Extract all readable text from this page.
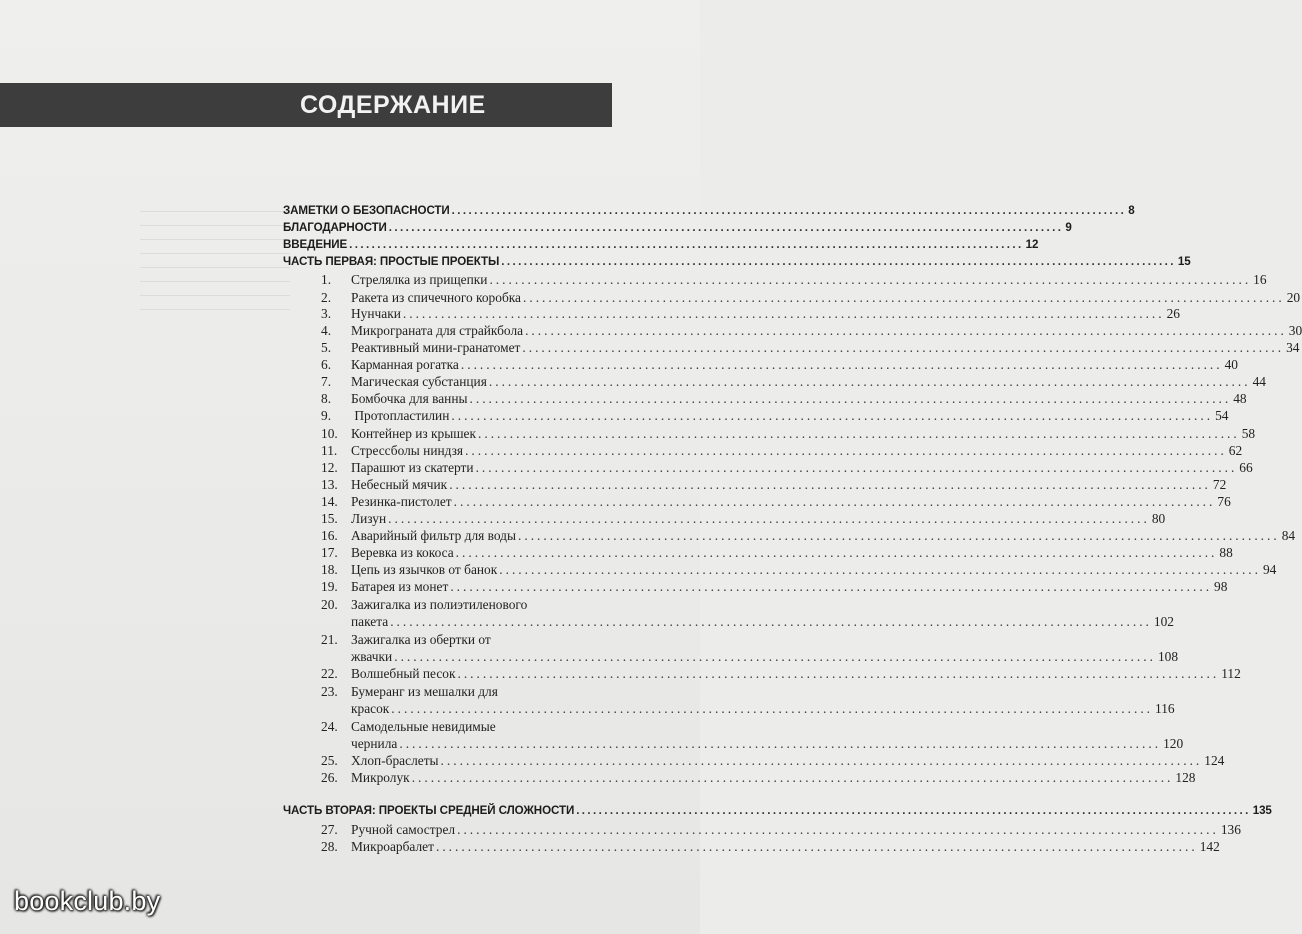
СОДЕРЖАНИЕ
ЗАМЕТКИ О БЕЗОПАСНОСТИ ........................................................................................................................ 8
БЛАГОДАРНОСТИ ........................................................................................................................ 9
ВВЕДЕНИЕ ........................................................................................................................ 12
ЧАСТЬ ПЕРВАЯ: ПРОСТЫЕ ПРОЕКТЫ ........................................................................................................................ 15
1.	Стрелялка из прищепки ........................................................................................................................ 16
2.	Ракета из спичечного коробка ........................................................................................................................ 20
3.	Нунчаки ........................................................................................................................ 26
4.	Микрограната для страйкбола ........................................................................................................................ 30
5.	Реактивный мини-гранатомет ........................................................................................................................ 34
6.	Карманная рогатка ........................................................................................................................ 40
7.	Магическая субстанция ........................................................................................................................ 44
8.	Бомбочка для ванны ........................................................................................................................ 48
9.	Протопластилин ........................................................................................................................ 54
10. Контейнер из крышек ........................................................................................................................ 58
11.	Стрессболы ниндзя ........................................................................................................................ 62
12. Парашют из скатерти ........................................................................................................................ 66
13. Небесный мячик ........................................................................................................................ 72
14. Резинка-пистолет ........................................................................................................................ 76
15. Лизун ........................................................................................................................ 80
16. Аварийный фильтр для воды ........................................................................................................................ 84
17. Веревка из кокоса ........................................................................................................................ 88
18. Цепь из язычков от банок ........................................................................................................................ 94
19. Батарея из монет ........................................................................................................................ 98
20. Зажигалка из полиэтиленового
пакета ........................................................................................................................ 102
21. Зажигалка из обертки от
жвачки ........................................................................................................................ 108
22. Волшебный песок ........................................................................................................................ 112
23. Бумеранг из мешалки для
красок ........................................................................................................................ 116
24. Самодельные невидимые
чернила ........................................................................................................................ 120
25. Хлоп-браслеты ........................................................................................................................ 124
26. Микролук ........................................................................................................................ 128
ЧАСТЬ ВТОРАЯ: ПРОЕКТЫ СРЕДНЕЙ СЛОЖНОСТИ ........................................................................................................................ 135
27. Ручной самострел ........................................................................................................................ 136
28. Микроарбалет ........................................................................................................................ 142
bookclub.by
